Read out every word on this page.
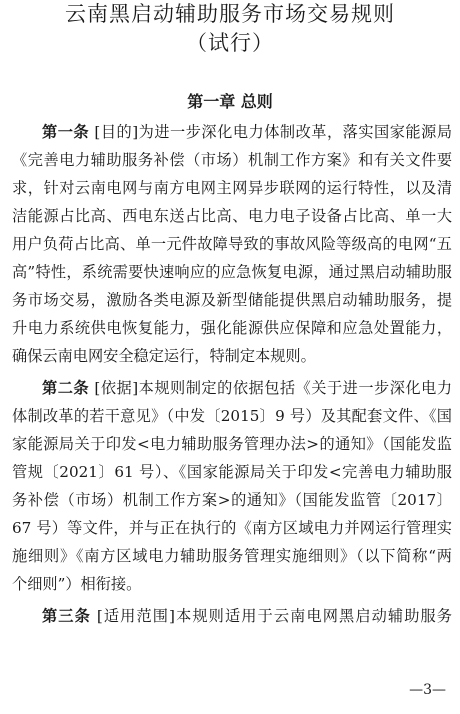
云南黑启动辅助服务市场交易规则
（试行）
第一章 总则
第一条 [目的]为进一步深化电力体制改革，落实国家能源局
《完善电力辅助服务补偿（市场）机制工作方案》和有关文件要
求，针对云南电网与南方电网主网异步联网的运行特性，以及清
洁能源占比高、西电东送占比高、电力电子设备占比高、单一大
用户负荷占比高、单一元件故障导致的事故风险等级高的电网“五
高”特性，系统需要快速响应的应急恢复电源，通过黑启动辅助服
务市场交易，激励各类电源及新型储能提供黑启动辅助服务，提
升电力系统供电恢复能力，强化能源供应保障和应急处置能力，
确保云南电网安全稳定运行，特制定本规则。
第二条 [依据]本规则制定的依据包括《关于进一步深化电力
体制改革的若干意见》（中发〔2015〕9 号）及其配套文件、《国
家能源局关于印发<电力辅助服务管理办法>的通知》（国能发监
管规〔2021〕61 号）、《国家能源局关于印发<完善电力辅助服
务补偿（市场）机制工作方案>的通知》（国能发监管〔2017〕
67 号）等文件，并与正在执行的《南方区域电力并网运行管理实
施细则》《南方区域电力辅助服务管理实施细则》（以下简称“两
个细则”）相衔接。
第三条 [适用范围]本规则适用于云南电网黑启动辅助服务
—3—
